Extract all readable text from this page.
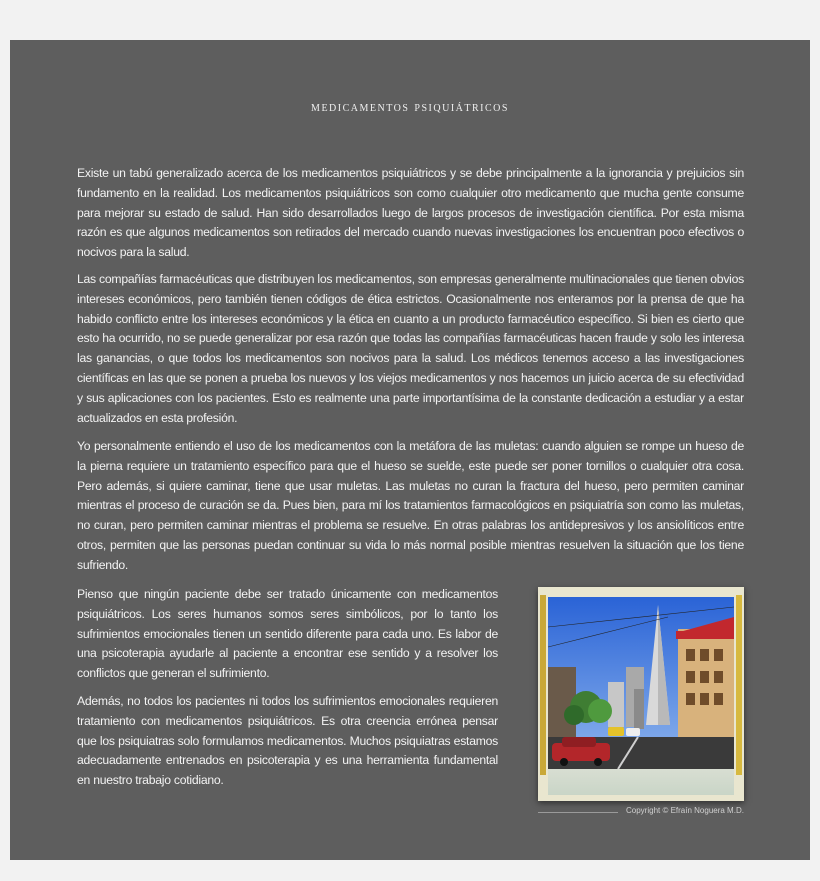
medicamentos psiquiátricos

Existe un tabú generalizado acerca de los medicamentos psiquiátricos y se debe principalmente a la ignorancia y prejuicios sin fundamento en la realidad. Los medicamentos psiquiátricos son como cualquier otro medicamento que mucha gente consume para mejorar su estado de salud. Han sido desarrollados luego de largos procesos de investigación científica. Por esta misma razón es que algunos medicamentos son retirados del mercado cuando nuevas investigaciones los encuentran poco efectivos o nocivos para la salud.

Las compañías farmacéuticas que distribuyen los medicamentos, son empresas generalmente multinacionales que tienen obvios intereses económicos, pero también tienen códigos de ética estrictos. Ocasionalmente nos enteramos por la prensa de que ha habido conflicto entre los intereses económicos y la ética en cuanto a un producto farmacéutico específico. Si bien es cierto que esto ha ocurrido, no se puede generalizar por esa razón que todas las compañías farmacéuticas hacen fraude y solo les interesa las ganancias, o que todos los medicamentos son nocivos para la salud. Los médicos tenemos acceso a las investigaciones científicas en las que se ponen a prueba los nuevos y los viejos medicamentos y nos hacemos un juicio acerca de su efectividad y sus aplicaciones con los pacientes. Esto es realmente una parte importantísima de la constante dedicación a estudiar y a estar actualizados en esta profesión.

Yo personalmente entiendo el uso de los medicamentos con la metáfora de las muletas: cuando alguien se rompe un hueso de la pierna requiere un tratamiento específico para que el hueso se suelde, este puede ser poner tornillos o cualquier otra cosa. Pero además, si quiere caminar, tiene que usar muletas. Las muletas no curan la fractura del hueso, pero permiten caminar mientras el proceso de curación se da. Pues bien, para mí los tratamientos farmacológicos en psiquiatría son como las muletas, no curan, pero permiten caminar mientras el problema se resuelve. En otras palabras los antidepresivos y los ansiolíticos entre otros, permiten que las personas puedan continuar su vida lo más normal posible mientras resuelven la situación que los tiene sufriendo.

Pienso que ningún paciente debe ser tratado únicamente con medicamentos psiquiátricos. Los seres humanos somos seres simbólicos, por lo tanto los sufrimientos emocionales tienen un sentido diferente para cada uno. Es labor de una psicoterapia ayudarle al paciente a encontrar ese sentido y a resolver los conflictos que generan el sufrimiento.

Además, no todos los pacientes ni todos los sufrimientos emocionales requieren tratamiento con medicamentos psiquiátricos. Es otra creencia errónea pensar que los psiquiatras solo formulamos medicamentos. Muchos psiquiatras estamos adecuadamente entrenados en psicoterapia y es una herramienta fundamental en nuestro trabajo cotidiano.

Copyright © Efraín Noguera M.D.
